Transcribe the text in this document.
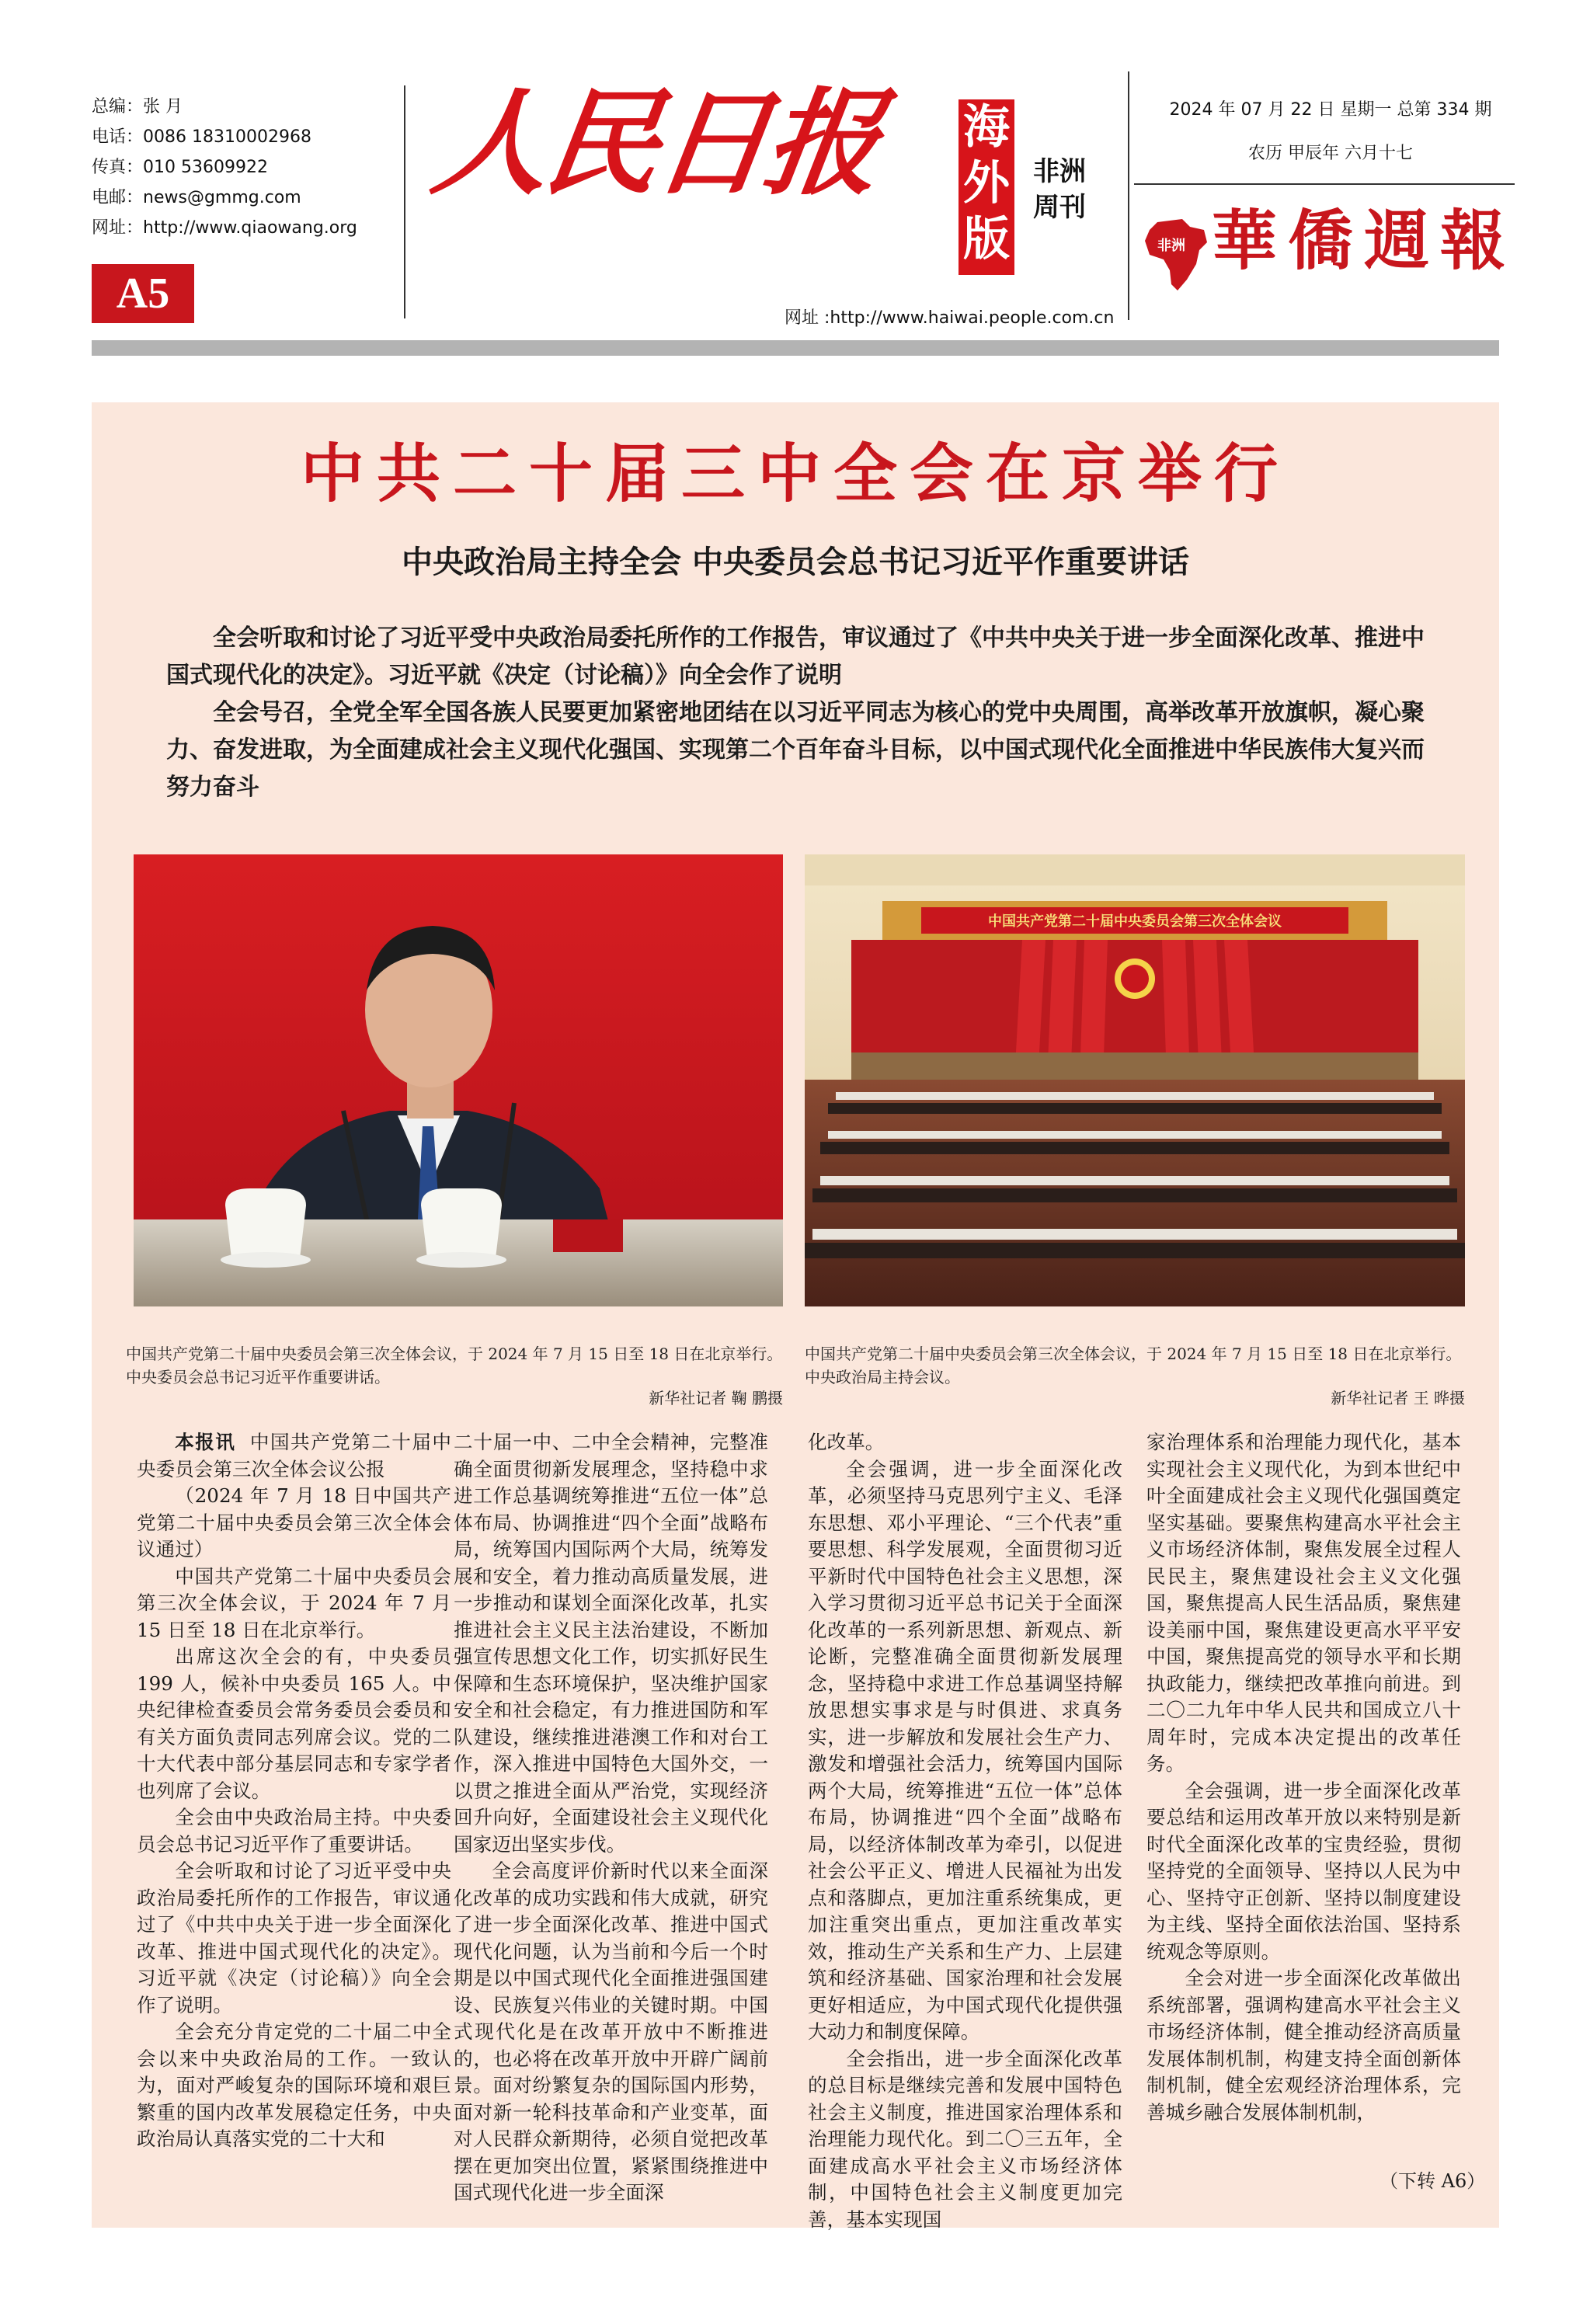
总编：张 月
电话：0086 18310002968
传真：010 53609922
电邮：news@gmmg.com
网址：http://www.qiaowang.org
A5
人民日报 海外版
非洲周刊
网址 :http://www.haiwai.people.com.cn
2024 年 07 月 22 日 星期一 总第 334 期
农历 甲辰年 六月十七
非洲 華僑週報
中共二十届三中全会在京举行
中央政治局主持全会 中央委员会总书记习近平作重要讲话

全会听取和讨论了习近平受中央政治局委托所作的工作报告，审议通过了《中共中央关于进一步全面深化改革、推进中国式现代化的决定》。习近平就《决定（讨论稿）》向全会作了说明

全会号召，全党全军全国各族人民要更加紧密地团结在以习近平同志为核心的党中央周围，高举改革开放旗帜，凝心聚力、奋发进取，为全面建成社会主义现代化强国、实现第二个百年奋斗目标，以中国式现代化全面推进中华民族伟大复兴而努力奋斗

中国共产党第二十届中央委员会第三次全体会议
中国共产党第二十届中央委员会第三次全体会议，于 2024 年 7 月 15 日至 18 日在北京举行。中央委员会总书记习近平作重要讲话。
新华社记者 鞠 鹏摄
中国共产党第二十届中央委员会第三次全体会议，于 2024 年 7 月 15 日至 18 日在北京举行。中央政治局主持会议。
新华社记者 王 晔摄

本报讯 中国共产党第二十届中央委员会第三次全体会议公报

（2024 年 7 月 18 日中国共产党第二十届中央委员会第三次全体会议通过）

中国共产党第二十届中央委员会第三次全体会议，于 2024 年 7 月 15 日至 18 日在北京举行。

出席这次全会的有，中央委员 199 人，候补中央委员 165 人。中央纪律检查委员会常务委员会委员和有关方面负责同志列席会议。党的二十大代表中部分基层同志和专家学者也列席了会议。

全会由中央政治局主持。中央委员会总书记习近平作了重要讲话。

全会听取和讨论了习近平受中央政治局委托所作的工作报告，审议通过了《中共中央关于进一步全面深化改革、推进中国式现代化的决定》。习近平就《决定（讨论稿）》向全会作了说明。

全会充分肯定党的二十届二中全会以来中央政治局的工作。一致认为，面对严峻复杂的国际环境和艰巨繁重的国内改革发展稳定任务，中央政治局认真落实党的二十大和

二十届一中、二中全会精神，完整准确全面贯彻新发展理念，坚持稳中求进工作总基调统筹推进“五位一体”总体布局、协调推进“四个全面”战略布局，统筹国内国际两个大局，统筹发展和安全，着力推动高质量发展，进一步推动和谋划全面深化改革，扎实推进社会主义民主法治建设，不断加强宣传思想文化工作，切实抓好民生保障和生态环境保护，坚决维护国家安全和社会稳定，有力推进国防和军队建设，继续推进港澳工作和对台工作，深入推进中国特色大国外交，一以贯之推进全面从严治党，实现经济回升向好，全面建设社会主义现代化国家迈出坚实步伐。

全会高度评价新时代以来全面深化改革的成功实践和伟大成就，研究了进一步全面深化改革、推进中国式现代化问题，认为当前和今后一个时期是以中国式现代化全面推进强国建设、民族复兴伟业的关键时期。中国式现代化是在改革开放中不断推进的，也必将在改革开放中开辟广阔前景。面对纷繁复杂的国际国内形势，面对新一轮科技革命和产业变革，面对人民群众新期待，必须自觉把改革摆在更加突出位置，紧紧围绕推进中国式现代化进一步全面深

化改革。

全会强调，进一步全面深化改革，必须坚持马克思列宁主义、毛泽东思想、邓小平理论、“三个代表”重要思想、科学发展观，全面贯彻习近平新时代中国特色社会主义思想，深入学习贯彻习近平总书记关于全面深化改革的一系列新思想、新观点、新论断，完整准确全面贯彻新发展理念，坚持稳中求进工作总基调坚持解放思想实事求是与时俱进、求真务实，进一步解放和发展社会生产力、激发和增强社会活力，统筹国内国际两个大局，统筹推进“五位一体”总体布局，协调推进“四个全面”战略布局，以经济体制改革为牵引，以促进社会公平正义、增进人民福祉为出发点和落脚点，更加注重系统集成，更加注重突出重点，更加注重改革实效，推动生产关系和生产力、上层建筑和经济基础、国家治理和社会发展更好相适应，为中国式现代化提供强大动力和制度保障。

全会指出，进一步全面深化改革的总目标是继续完善和发展中国特色社会主义制度，推进国家治理体系和治理能力现代化。到二〇三五年，全面建成高水平社会主义市场经济体制，中国特色社会主义制度更加完善，基本实现国

家治理体系和治理能力现代化，基本实现社会主义现代化，为到本世纪中叶全面建成社会主义现代化强国奠定坚实基础。要聚焦构建高水平社会主义市场经济体制，聚焦发展全过程人民民主，聚焦建设社会主义文化强国，聚焦提高人民生活品质，聚焦建设美丽中国，聚焦建设更高水平平安中国，聚焦提高党的领导水平和长期执政能力，继续把改革推向前进。到二〇二九年中华人民共和国成立八十周年时，完成本决定提出的改革任务。

全会强调，进一步全面深化改革要总结和运用改革开放以来特别是新时代全面深化改革的宝贵经验，贯彻坚持党的全面领导、坚持以人民为中心、坚持守正创新、坚持以制度建设为主线、坚持全面依法治国、坚持系统观念等原则。

全会对进一步全面深化改革做出系统部署，强调构建高水平社会主义市场经济体制，健全推动经济高质量发展体制机制，构建支持全面创新体制机制，健全宏观经济治理体系，完善城乡融合发展体制机制，

（下转 A6）
